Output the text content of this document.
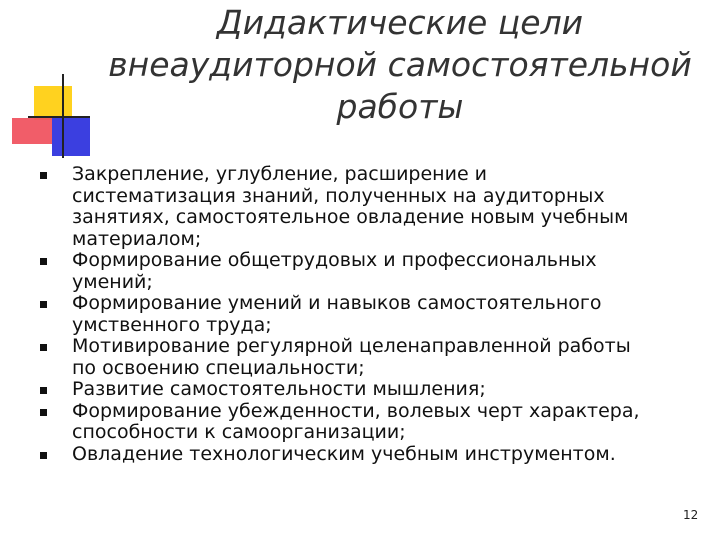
Дидактические цели
внеаудиторной самостоятельной
работы
Закрепление, углубление, расширение и
систематизация знаний, полученных на аудиторных
занятиях, самостоятельное овладение новым учебным
материалом;
Формирование общетрудовых и профессиональных
умений;
Формирование умений и навыков самостоятельного
умственного труда;
Мотивирование регулярной целенаправленной работы
по освоению специальности;
Развитие самостоятельности мышления;
Формирование убежденности, волевых черт характера,
способности к самоорганизации;
Овладение технологическим учебным инструментом.
12
